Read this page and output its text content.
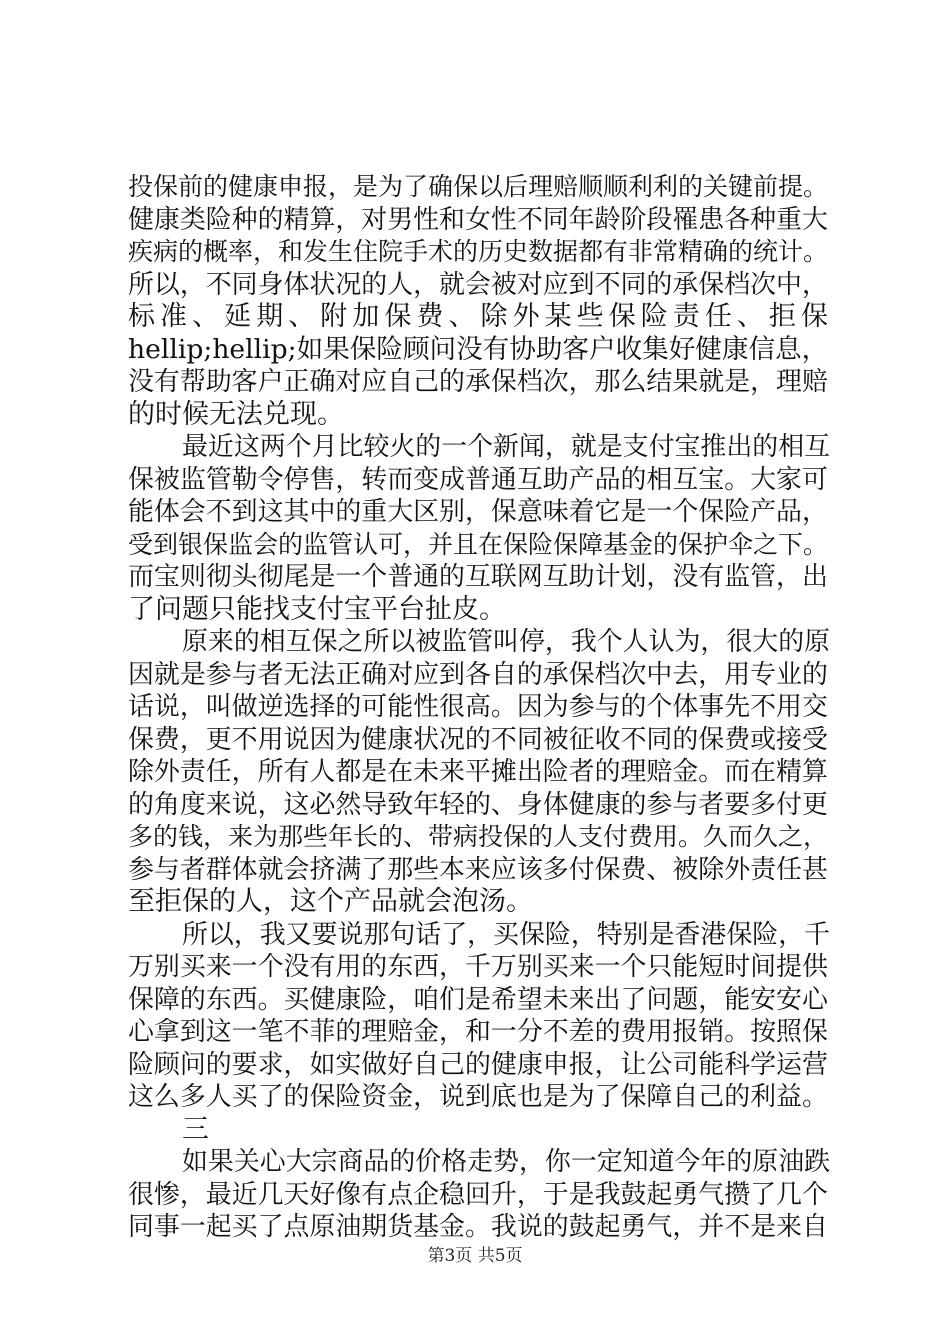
投保前的健康申报，是为了确保以后理赔顺顺利利的关键前提。
健康类险种的精算，对男性和女性不同年龄阶段罹患各种重大
疾病的概率，和发生住院手术的历史数据都有非常精确的统计。
所以，不同身体状况的人，就会被对应到不同的承保档次中，
标 准 、 延 期 、 附 加 保 费 、 除 外 某 些 保 险 责 任 、 拒 保
hellip;hellip;如果保险顾问没有协助客户收集好健康信息，
没有帮助客户正确对应自己的承保档次，那么结果就是，理赔
的时候无法兑现。
最近这两个月比较火的一个新闻，就是支付宝推出的相互
保被监管勒令停售，转而变成普通互助产品的相互宝。大家可
能体会不到这其中的重大区别，保意味着它是一个保险产品，
受到银保监会的监管认可，并且在保险保障基金的保护伞之下。
而宝则彻头彻尾是一个普通的互联网互助计划，没有监管，出
了问题只能找支付宝平台扯皮。
原来的相互保之所以被监管叫停，我个人认为，很大的原
因就是参与者无法正确对应到各自的承保档次中去，用专业的
话说，叫做逆选择的可能性很高。因为参与的个体事先不用交
保费，更不用说因为健康状况的不同被征收不同的保费或接受
除外责任，所有人都是在未来平摊出险者的理赔金。而在精算
的角度来说，这必然导致年轻的、身体健康的参与者要多付更
多的钱，来为那些年长的、带病投保的人支付费用。久而久之，
参与者群体就会挤满了那些本来应该多付保费、被除外责任甚
至拒保的人，这个产品就会泡汤。
所以，我又要说那句话了，买保险，特别是香港保险，千
万别买来一个没有用的东西，千万别买来一个只能短时间提供
保障的东西。买健康险，咱们是希望未来出了问题，能安安心
心拿到这一笔不菲的理赔金，和一分不差的费用报销。按照保
险顾问的要求，如实做好自己的健康申报，让公司能科学运营
这么多人买了的保险资金，说到底也是为了保障自己的利益。
三
如果关心大宗商品的价格走势，你一定知道今年的原油跌
很惨，最近几天好像有点企稳回升，于是我鼓起勇气攒了几个
同事一起买了点原油期货基金。我说的鼓起勇气，并不是来自
第3页 共5页
